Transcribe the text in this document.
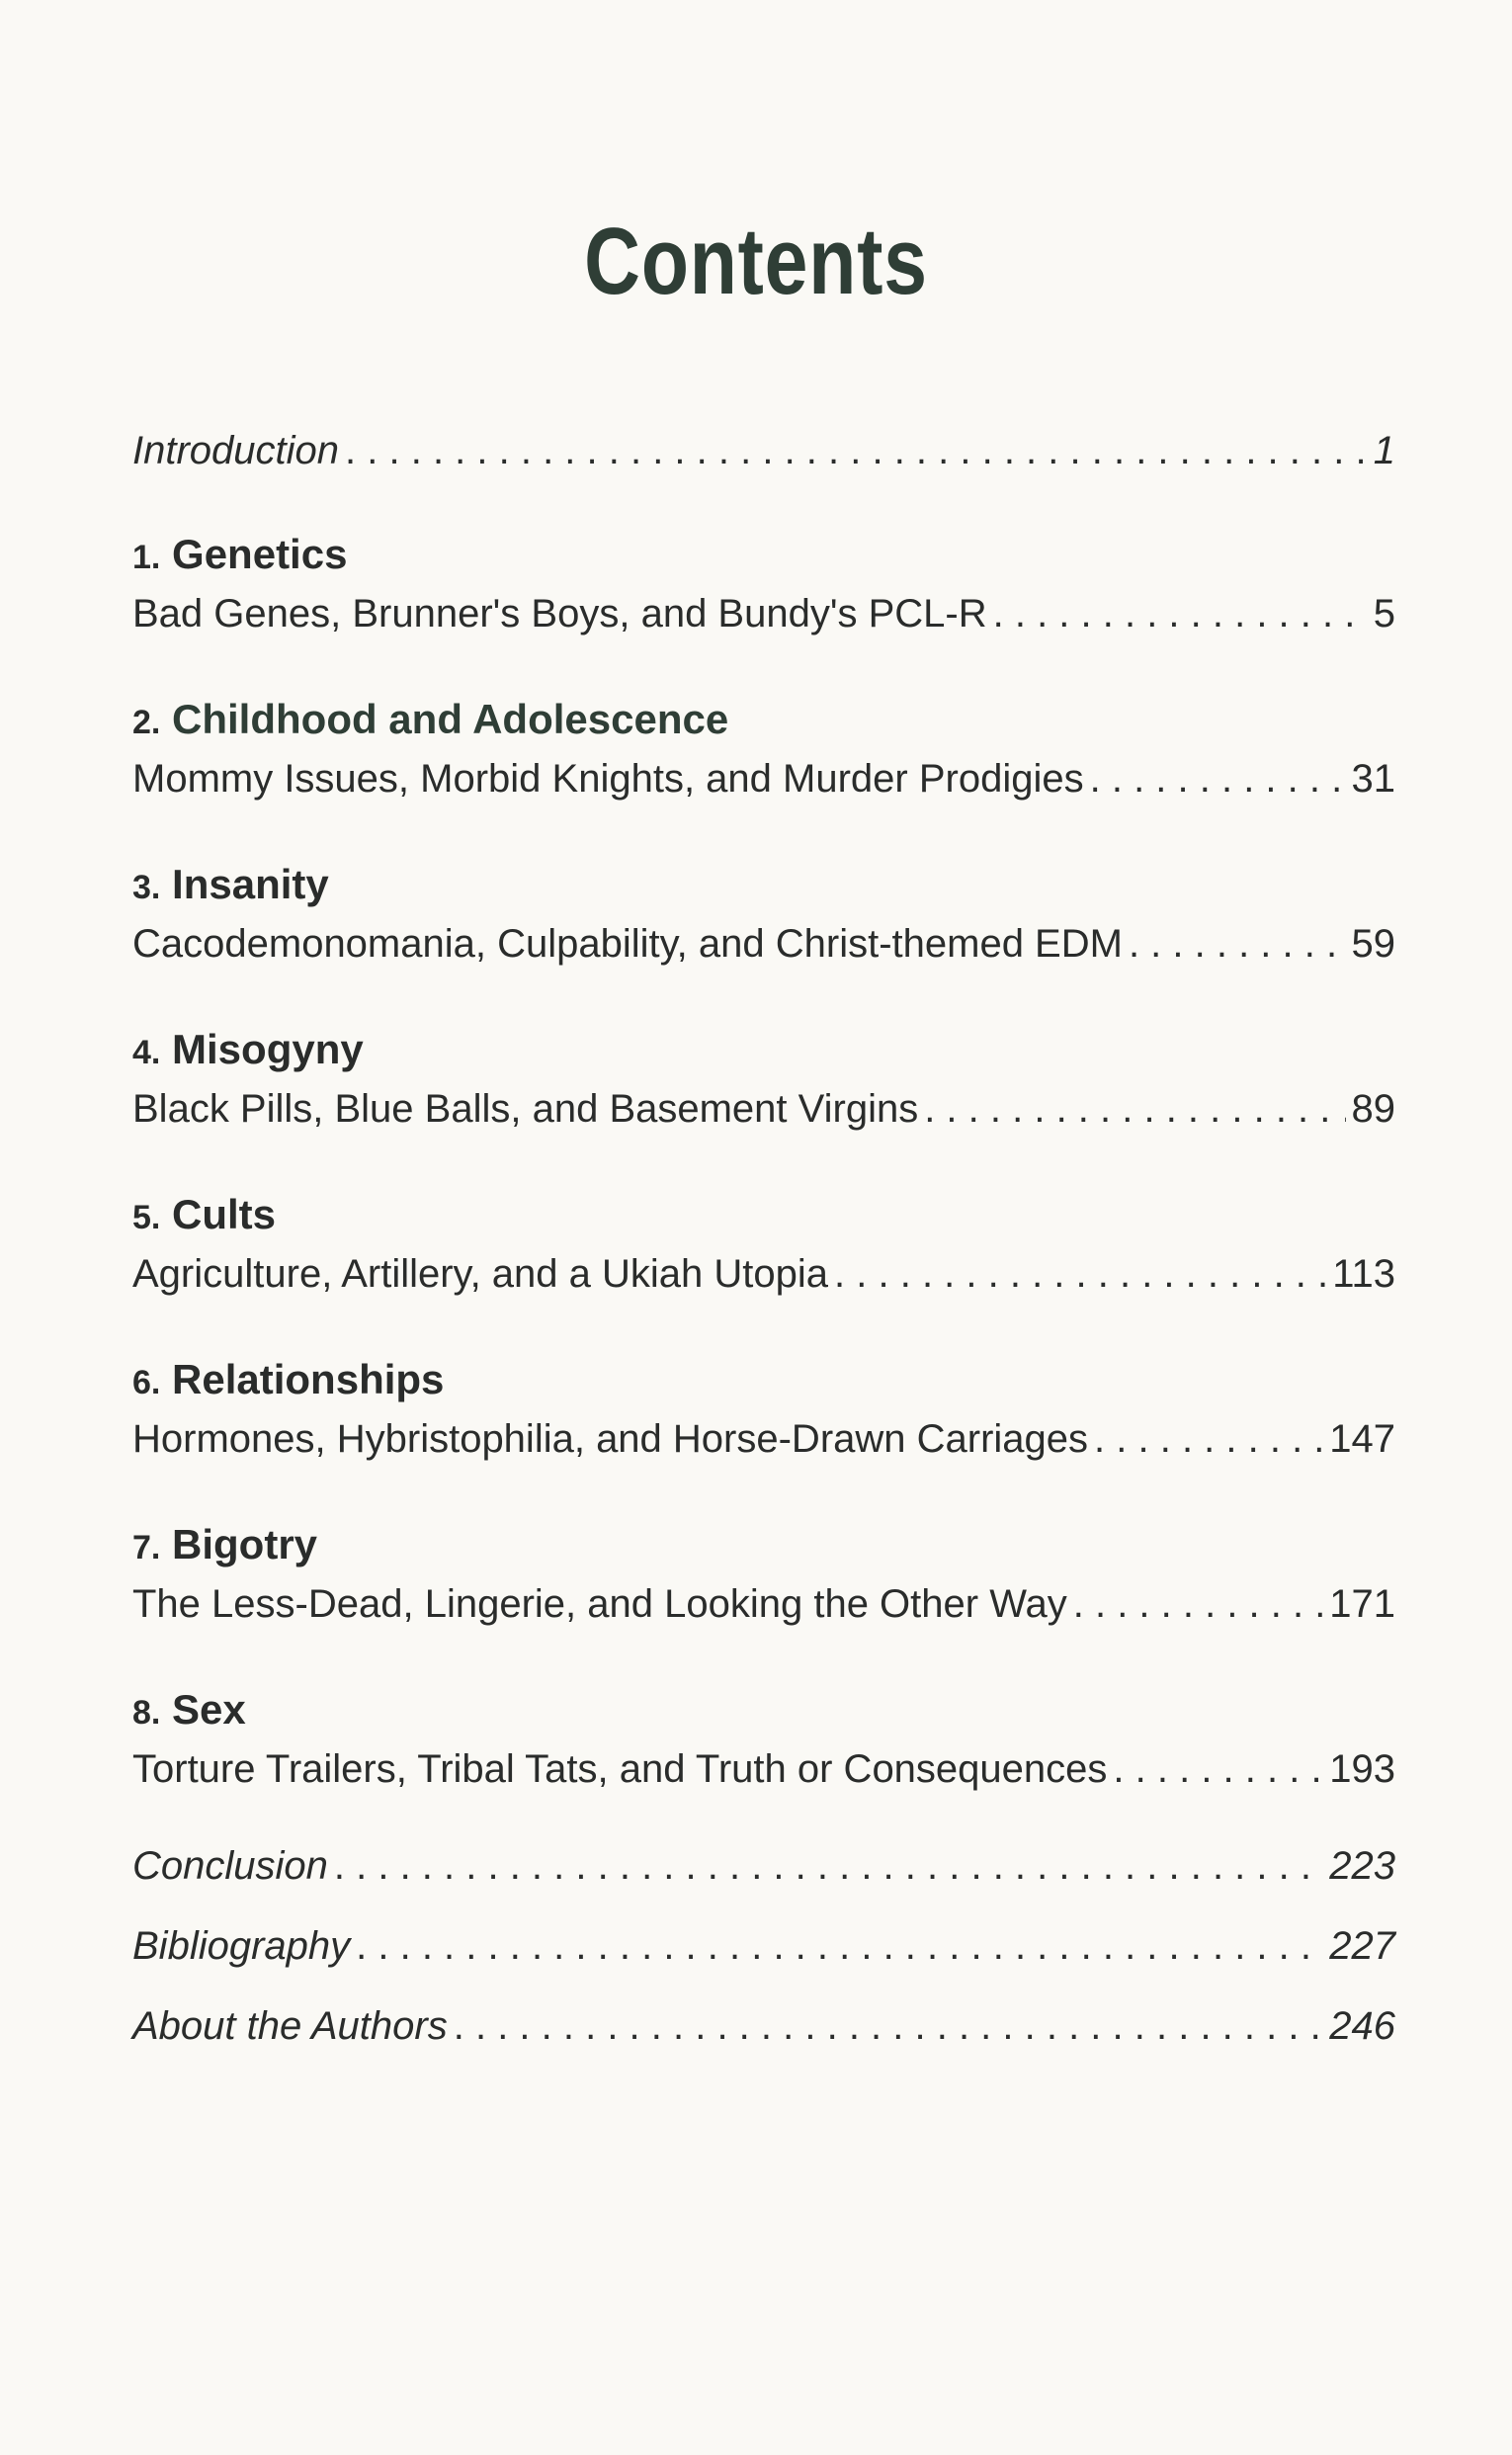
Contents
Introduction . . .	1
1. Genetics
Bad Genes, Brunner's Boys, and Bundy's PCL-R . . .	5
2. Childhood and Adolescence
Mommy Issues, Morbid Knights, and Murder Prodigies . . .	31
3. Insanity
Cacodemonomania, Culpability, and Christ-themed EDM . . .	59
4. Misogyny
Black Pills, Blue Balls, and Basement Virgins . . .	89
5. Cults
Agriculture, Artillery, and a Ukiah Utopia . . .	113
6. Relationships
Hormones, Hybristophilia, and Horse-Drawn Carriages . . .	147
7. Bigotry
The Less-Dead, Lingerie, and Looking the Other Way . . .	171
8. Sex
Torture Trailers, Tribal Tats, and Truth or Consequences . . .	193
Conclusion . . .	223
Bibliography . . .	227
About the Authors . . .	246
